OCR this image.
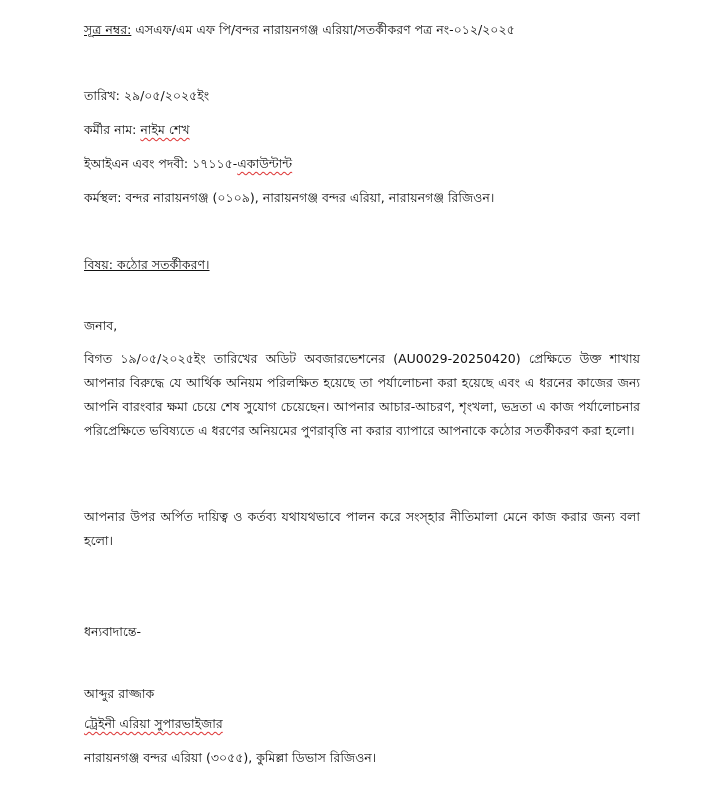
সূত্র নম্বর: এসএফ/এম এফ পি/বন্দর নারায়নগঞ্জ এরিয়া/সতর্কীকরণ পত্র নং-০১২/২০২৫
তারিখ: ২৯/০৫/২০২৫ইং
কর্মীর নাম: নাইম শেখ
ইআইএন এবং পদবী: ১৭১১৫-একাউন্টান্ট
কর্মস্থল: বন্দর নারায়নগঞ্জ (০১০৯), নারায়নগঞ্জ বন্দর এরিয়া, নারায়নগঞ্জ রিজিওন।
বিষয়: কঠোর সতর্কীকরণ।
জনাব,

বিগত ১৯/০৫/২০২৫ইং তারিখের অডিট অবজারভেশনের (AU0029-20250420) প্রেক্ষিতে উক্ত শাখায় আপনার বিরুদ্ধে যে আর্থিক অনিয়ম পরিলক্ষিত হয়েছে তা পর্যালোচনা করা হয়েছে এবং এ ধরনের কাজের জন্য আপনি বারংবার ক্ষমা চেয়ে শেষ সুযোগ চেয়েছেন। আপনার আচার-আচরণ, শৃংখলা, ভদ্রতা এ কাজ পর্যালোচনার পরিপ্রেক্ষিতে ভবিষ্যতে এ ধরণের অনিয়মের পুণরাবৃত্তি না করার ব্যাপারে আপনাকে কঠোর সতর্কীকরণ করা হলো।

আপনার উপর অর্পিত দায়িত্ব ও কর্তব্য যথাযথভাবে পালন করে সংস্হার নীতিমালা মেনে কাজ করার জন্য বলা হলো।

ধন্যবাদান্তে-
আব্দুর রাজ্জাক
ট্রেইনী এরিয়া সুপারভাইজার
নারায়নগঞ্জ বন্দর এরিয়া (৩০৫৫), কুমিল্লা ডিভাস রিজিওন।
